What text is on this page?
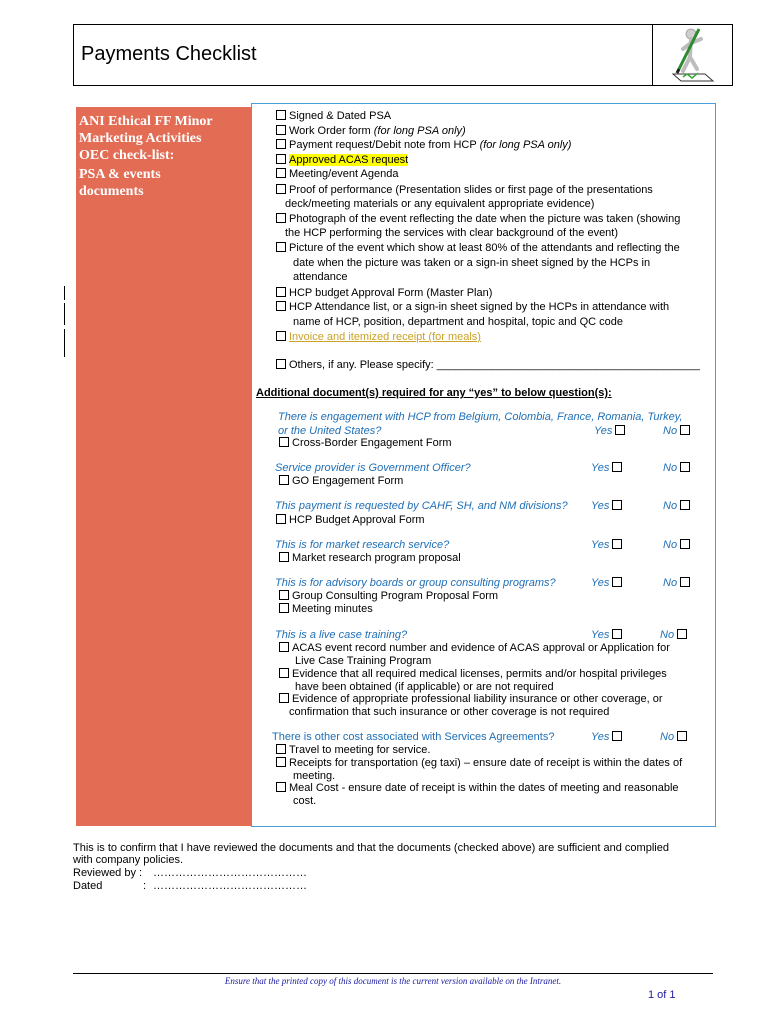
Payments Checklist
ANI Ethical FF Minor
Marketing Activities
OEC check-list:
PSA & events
documents
Signed & Dated PSA
Work Order form (for long PSA only)
Payment request/Debit note from HCP (for long PSA only)
Approved ACAS request
Meeting/event Agenda
Proof of performance (Presentation slides or first page of the presentations
deck/meeting materials or any equivalent appropriate evidence)
Photograph of the event reflecting the date when the picture was taken (showing
the HCP performing the services with clear background of the event)
Picture of the event which show at least 80% of the attendants and reflecting the
date when the picture was taken or a sign-in sheet signed by the HCPs in
attendance
HCP budget Approval Form (Master Plan)
HCP Attendance list, or a sign-in sheet signed by the HCPs in attendance with
name of HCP, position, department and hospital, topic and QC code
Invoice and itemized receipt (for meals)
Others, if any. Please specify: ___________________________________________
Additional document(s) required for any “yes” to below question(s):
There is engagement with HCP from Belgium, Colombia, France, Romania, Turkey,
or the United States?	Yes	No
Cross-Border Engagement Form
Service provider is Government Officer?	Yes	No
GO Engagement Form
This payment is requested by CAHF, SH, and NM divisions? Yes	No
HCP Budget Approval Form
This is for market research service?	Yes	No
Market research program proposal
This is for advisory boards or group consulting programs?	Yes	No
Group Consulting Program Proposal Form
Meeting minutes
This is a live case training?	Yes	No
ACAS event record number and evidence of ACAS approval or Application for
Live Case Training Program
Evidence that all required medical licenses, permits and/or hospital privileges
have been obtained (if applicable) or are not required
Evidence of appropriate professional liability insurance or other coverage, or
confirmation that such insurance or other coverage is not required
There is other cost associated with Services Agreements?	Yes	No
Travel to meeting for service.
Receipts for transportation (eg taxi) – ensure date of receipt is within the dates of
meeting.
Meal Cost - ensure date of receipt is within the dates of meeting and reasonable
cost.
This is to confirm that I have reviewed the documents and that the documents (checked above) are sufficient and complied
with company policies.
Reviewed by : ……………………………………
Dated	: ……………………………………
Ensure that the printed copy of this document is the current version available on the Intranet.
1 of 1
